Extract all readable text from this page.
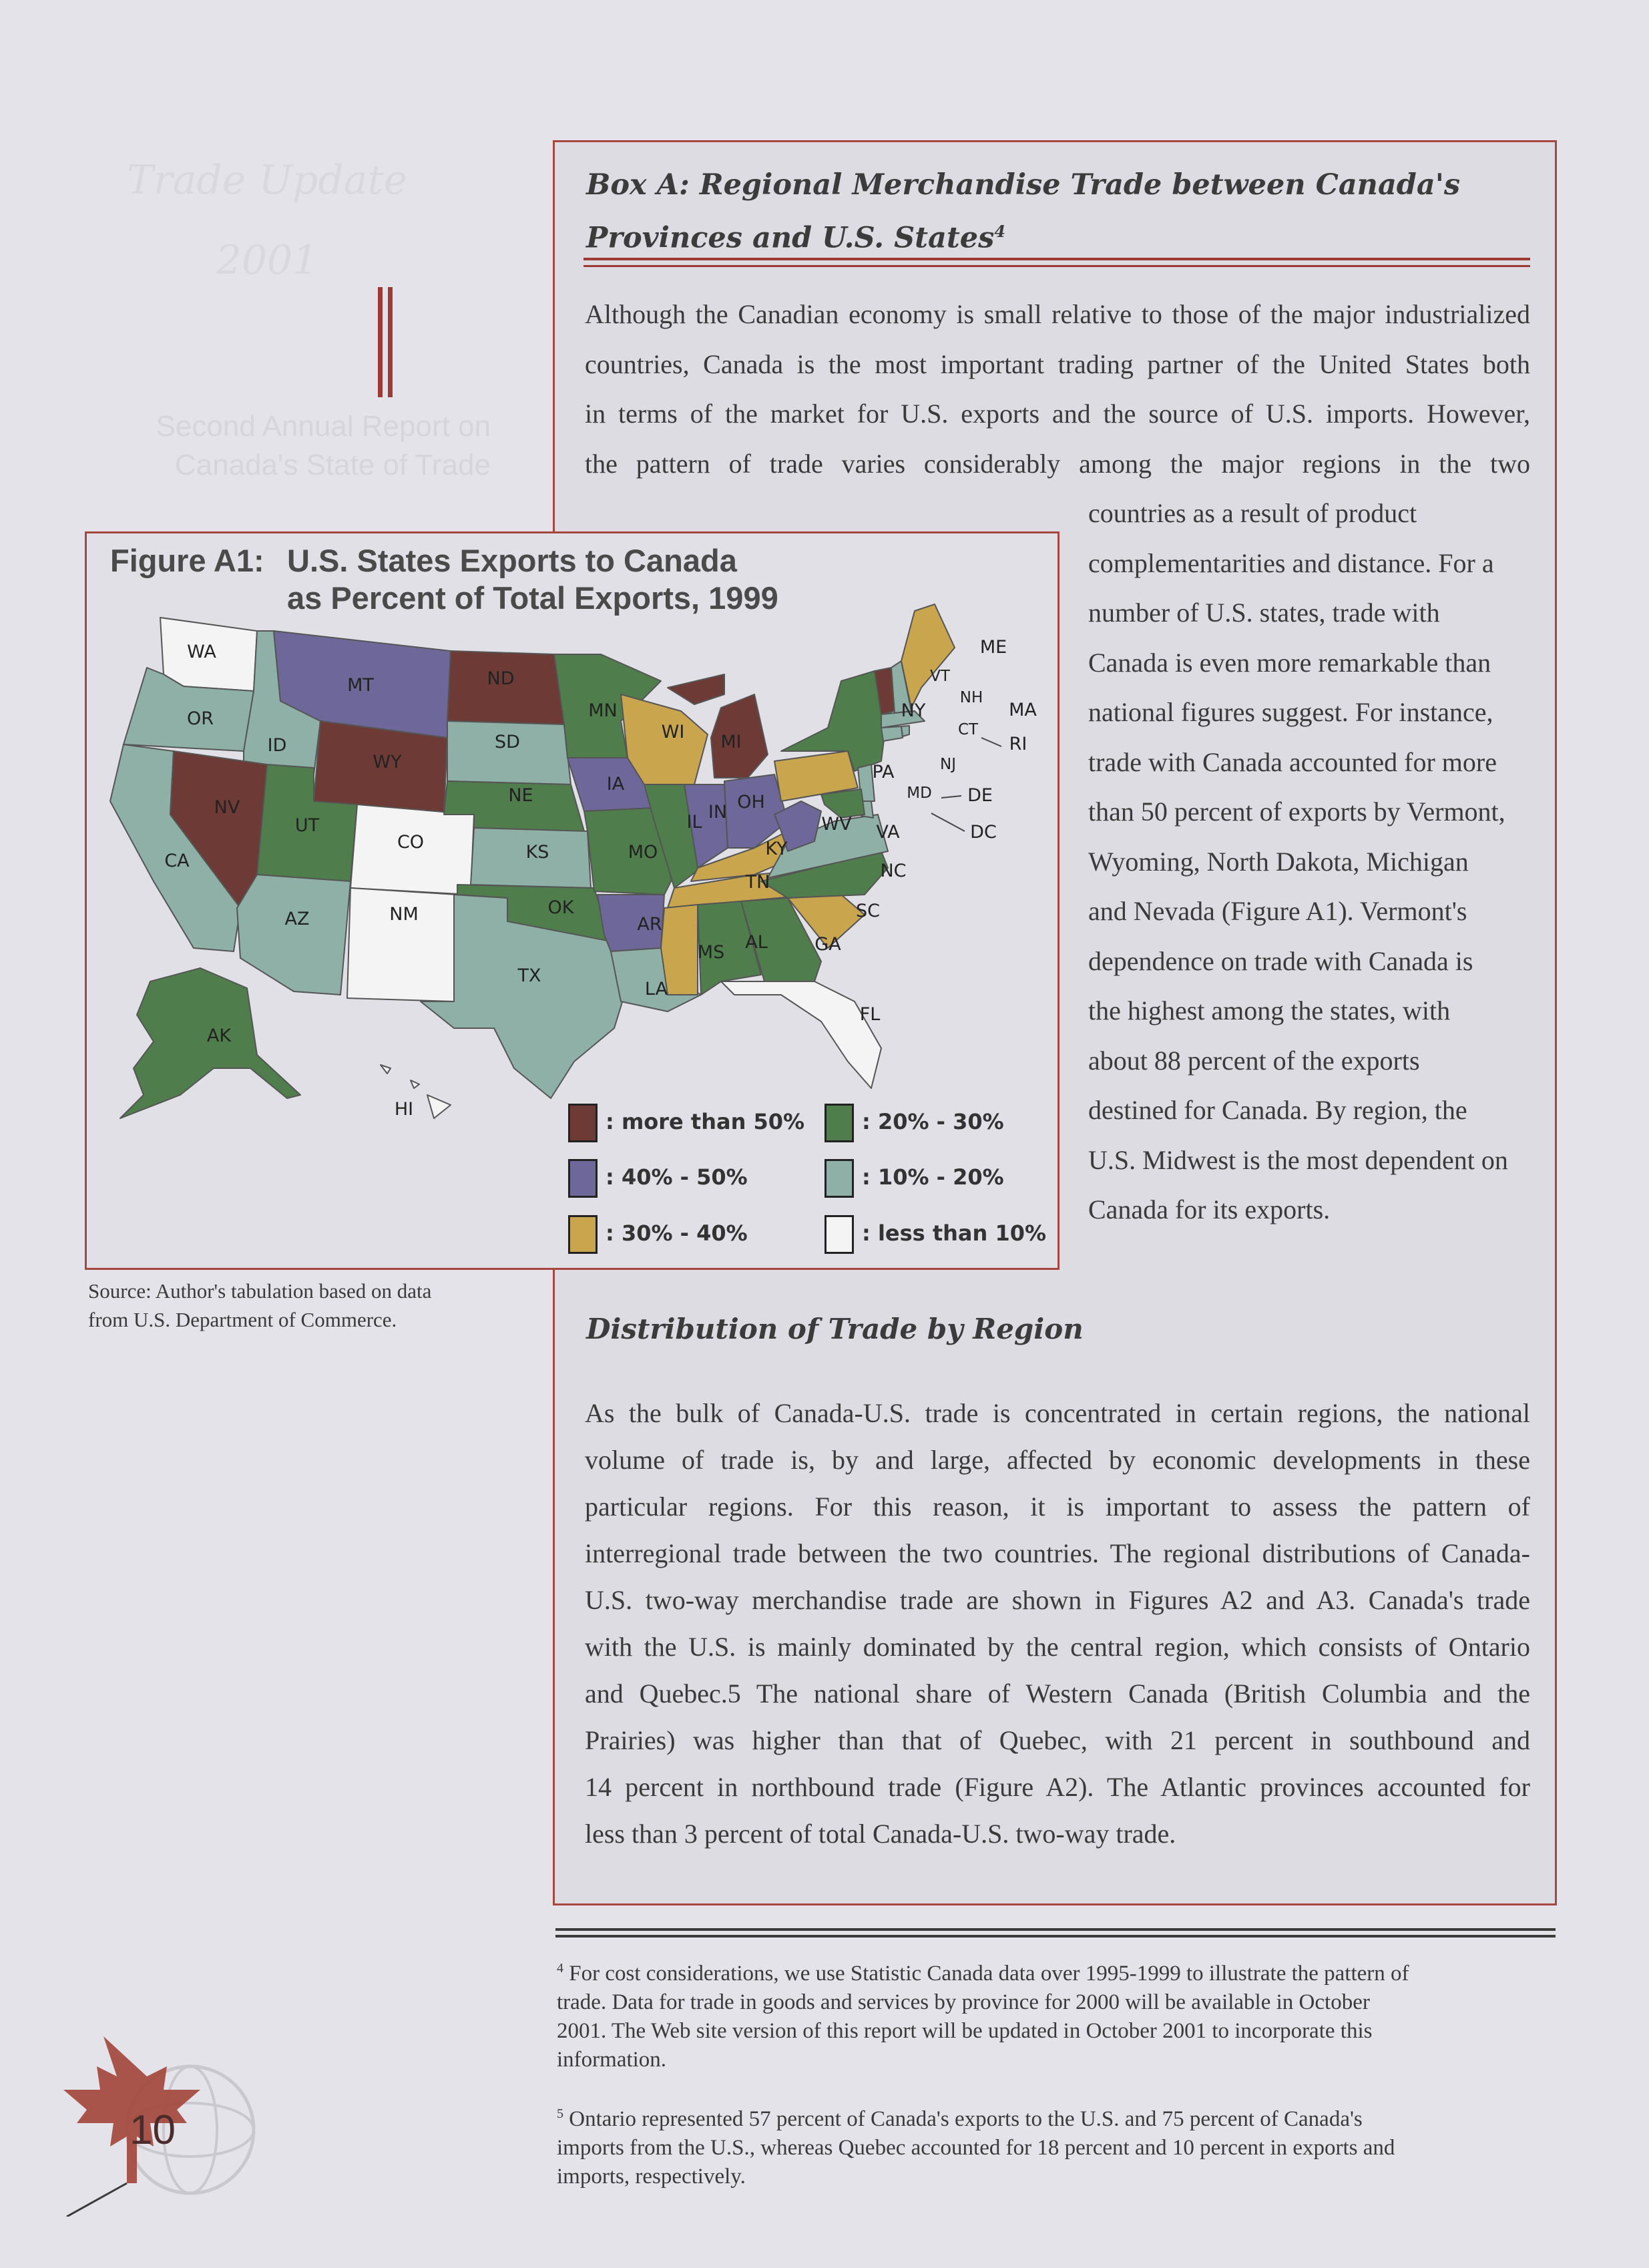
Trade Update
2001
Second Annual Report on
Canada's State of Trade
Box A: Regional Merchandise Trade between Canada's
Provinces and U.S. States$^4$
Although the Canadian economy is small relative to those of the major industrialized
countries, Canada is the most important trading partner of the United States both
in terms of the market for U.S. exports and the source of U.S. imports. However,
the pattern of trade varies considerably among the major regions in the two
countries as a result of product
complementarities and distance. For a
number of U.S. states, trade with
Canada is even more remarkable than
national figures suggest. For instance,
trade with Canada accounted for more
than 50 percent of exports by Vermont,
Wyoming, North Dakota, Michigan
and Nevada (Figure A1). Vermont's
dependence on trade with Canada is
the highest among the states, with
about 88 percent of the exports
destined for Canada. By region, the
U.S. Midwest is the most dependent on
Canada for its exports.
Figure A1: U.S. States Exports to Canada
as Percent of Total Exports, 1999
WA
OR
CA
ID
NV
MT
WY
UT
AZ
CO
NM
ND
SD
NE
KS
OK
TX
MN
IA
MO
AR
LA
WI
IL
MI
IN OH
KY
TN
MS AL	GA
FL
SC
NC
VA
WV
PA
NY
VT
NH
ME
MA
RI
CT
NJ
DE
MD
DC
AK
HI	: more than 50%
: 40% - 50%
: 30% - 40%
: 20% - 30%
: 10% - 20%
: less than 10%
Source: Author's tabulation based on data
from U.S. Department of Commerce.	Distribution of Trade by Region
As the bulk of Canada-U.S. trade is concentrated in certain regions, the national
volume of trade is, by and large, affected by economic developments in these
particular regions. For this reason, it is important to assess the pattern of
interregional trade between the two countries. The regional distributions of Canada-
U.S. two-way merchandise trade are shown in Figures A2 and A3. Canada's trade
with the U.S. is mainly dominated by the central region, which consists of Ontario
and Quebec.5 The national share of Western Canada (British Columbia and the
Prairies) was higher than that of Quebec, with 21 percent in southbound and
14 percent in northbound trade (Figure A2). The Atlantic provinces accounted for
less than 3 percent of total Canada-U.S. two-way trade.
$^4$ For cost considerations, we use Statistic Canada data over 1995-1999 to illustrate the pattern of
trade. Data for trade in goods and services by province for 2000 will be available in October
2001. The Web site version of this report will be updated in October 2001 to incorporate this
information.
$^5$ Ontario represented 57 percent of Canada's exports to the U.S. and 75 percent of Canada's
imports from the U.S., whereas Quebec accounted for 18 percent and 10 percent in exports and
imports, respectively.
10
